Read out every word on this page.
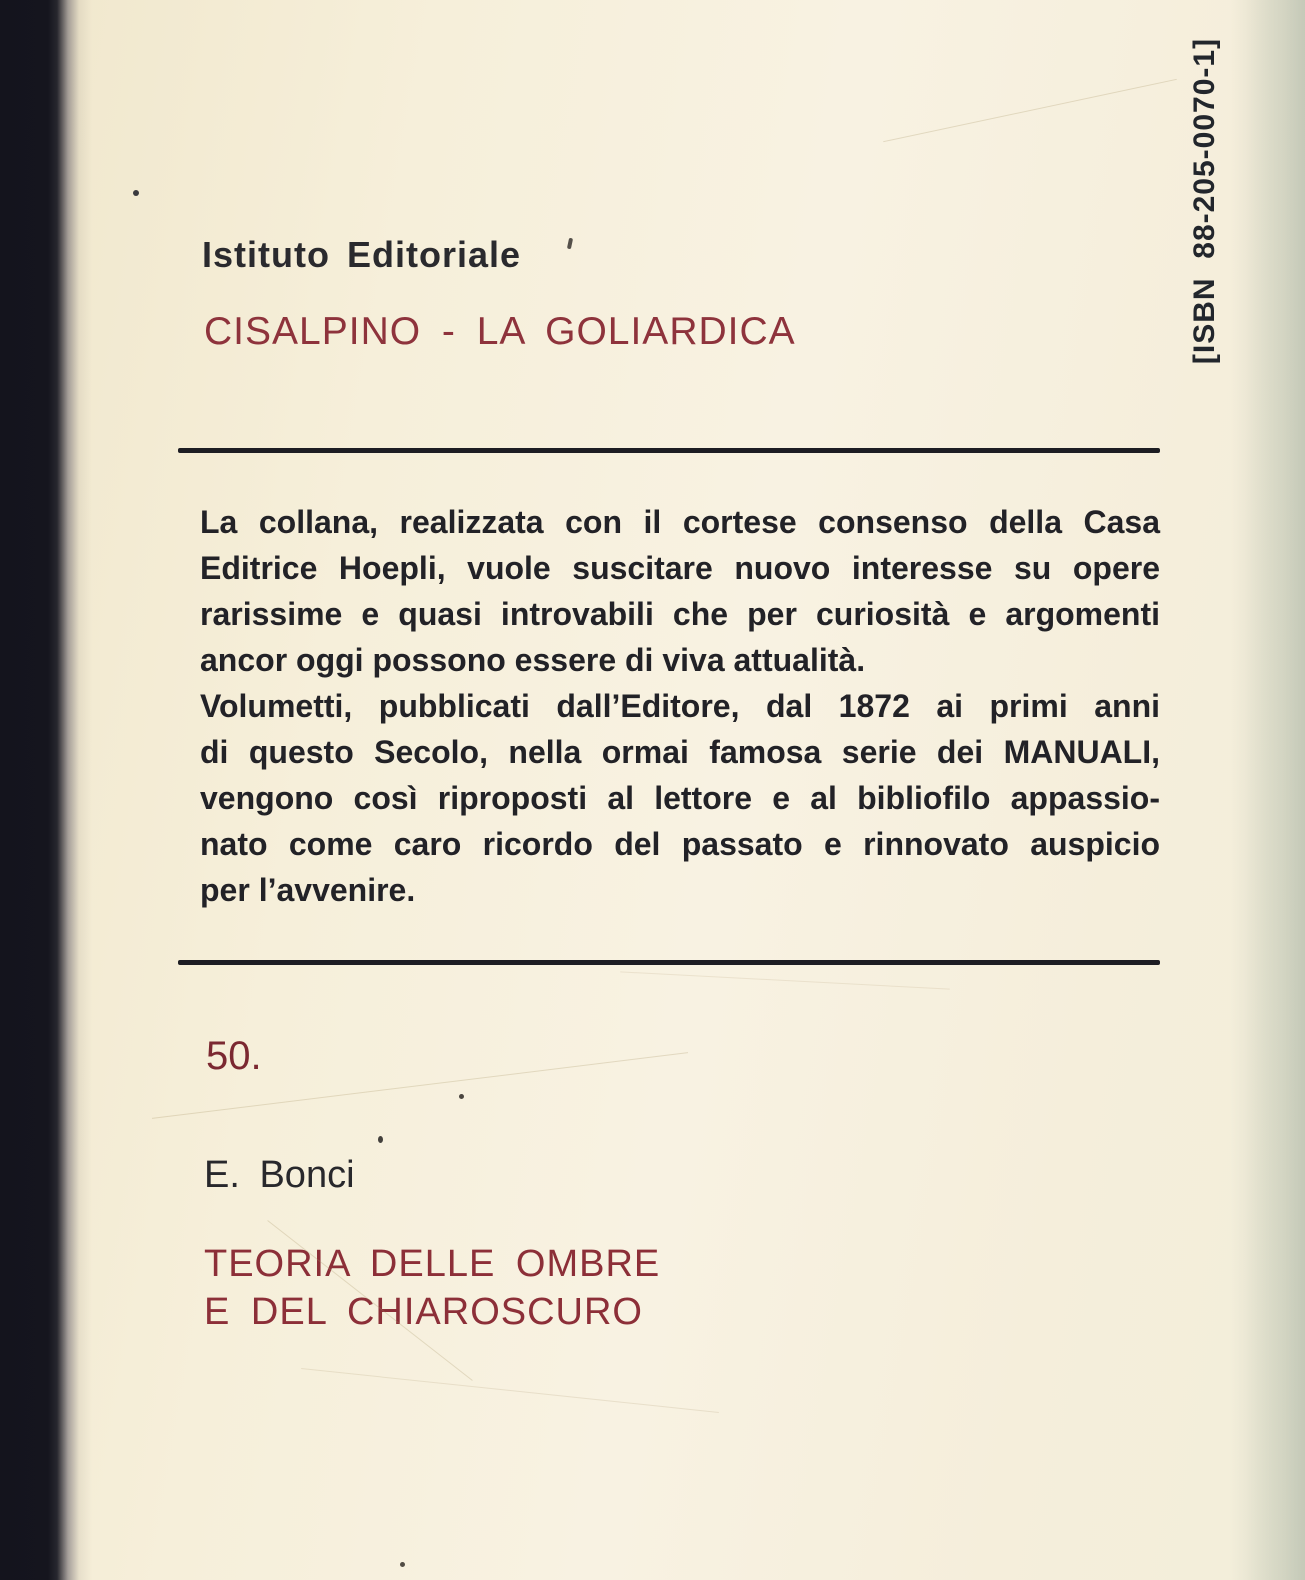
Istituto Editoriale
CISALPINO - LA GOLIARDICA
La collana, realizzata con il cortese consenso della Casa
Editrice Hoepli, vuole suscitare nuovo interesse su opere
rarissime e quasi introvabili che per curiosità e argomenti
ancor oggi possono essere di viva attualità.
Volumetti, pubblicati dall’Editore, dal 1872 ai primi anni
di questo Secolo, nella ormai famosa serie dei MANUALI,
vengono così riproposti al lettore e al bibliofilo appassio-
nato come caro ricordo del passato e rinnovato auspicio
per l’avvenire.
50.
E. Bonci
TEORIA DELLE OMBRE
E DEL CHIAROSCURO
[ISBN  88-205-0070-1]
